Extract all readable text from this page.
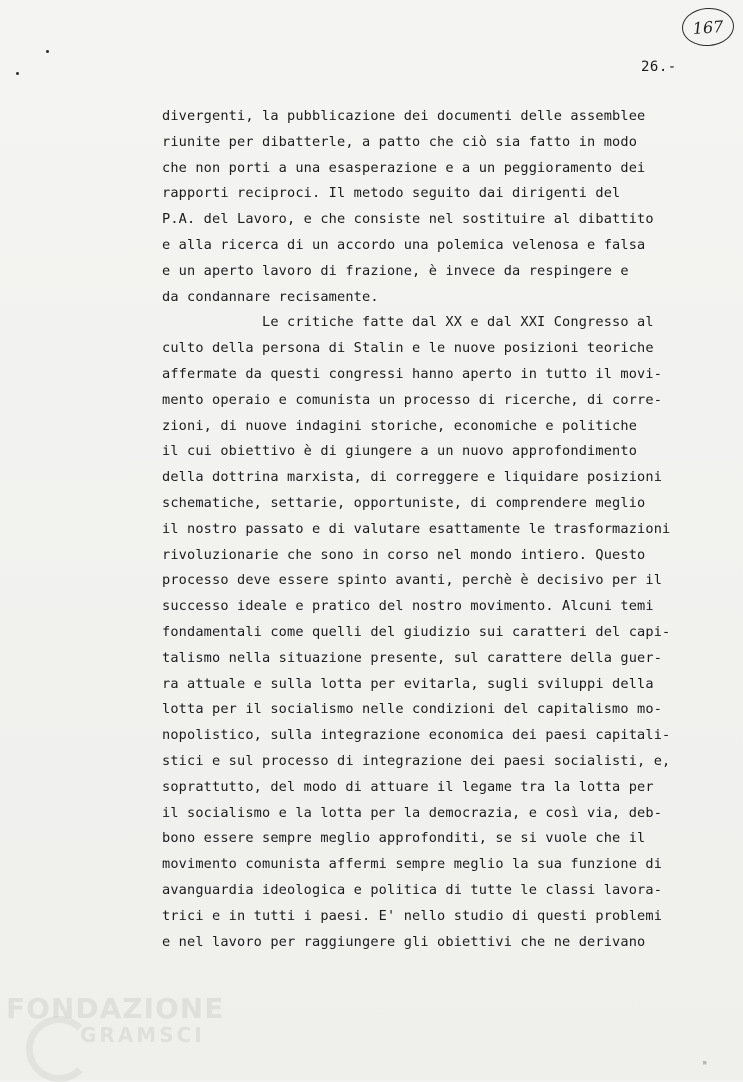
167
26.-
divergenti, la pubblicazione dei documenti delle assemblee
riunite per dibatterle, a patto che ciò sia fatto in modo
che non porti a una esasperazione e a un peggioramento dei
rapporti reciproci. Il metodo seguito dai dirigenti del
P.A. del Lavoro, e che consiste nel sostituire al dibattito
e alla ricerca di un accordo una polemica velenosa e falsa
e un aperto lavoro di frazione, è invece da respingere e
da condannare recisamente.
Le critiche fatte dal XX e dal XXI Congresso al
culto della persona di Stalin e le nuove posizioni teoriche
affermate da questi congressi hanno aperto in tutto il movi-
mento operaio e comunista un processo di ricerche, di corre-
zioni, di nuove indagini storiche, economiche e politiche
il cui obiettivo è di giungere a un nuovo approfondimento
della dottrina marxista, di correggere e liquidare posizioni
schematiche, settarie, opportuniste, di comprendere meglio
il nostro passato e di valutare esattamente le trasformazioni
rivoluzionarie che sono in corso nel mondo intiero. Questo
processo deve essere spinto avanti, perchè è decisivo per il
successo ideale e pratico del nostro movimento. Alcuni temi
fondamentali come quelli del giudizio sui caratteri del capi-
talismo nella situazione presente, sul carattere della guer-
ra attuale e sulla lotta per evitarla, sugli sviluppi della
lotta per il socialismo nelle condizioni del capitalismo mo-
nopolistico, sulla integrazione economica dei paesi capitali-
stici e sul processo di integrazione dei paesi socialisti, e,
soprattutto, del modo di attuare il legame tra la lotta per
il socialismo e la lotta per la democrazia, e così via, deb-
bono essere sempre meglio approfonditi, se si vuole che il
movimento comunista affermi sempre meglio la sua funzione di
avanguardia ideologica e politica di tutte le classi lavora-
trici e in tutti i paesi. E' nello studio di questi problemi
e nel lavoro per raggiungere gli obiettivi che ne derivano
FONDAZIONE
GRAMSCI
▪
